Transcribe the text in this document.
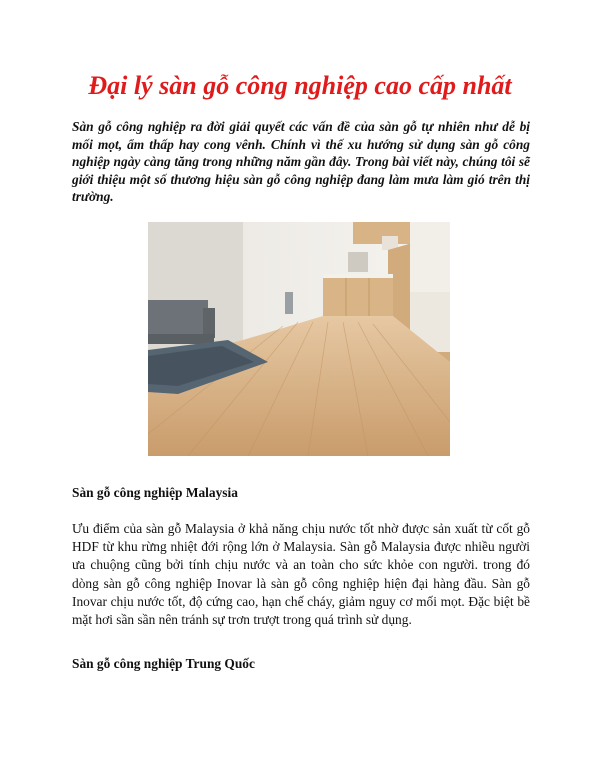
Đại lý sàn gỗ công nghiệp cao cấp nhất

Sàn gỗ công nghiệp ra đời giải quyết các vấn đề của sàn gỗ tự nhiên như dễ bị mối mọt, ẩm thấp hay cong vênh. Chính vì thế xu hướng sử dụng sàn gỗ công nghiệp ngày càng tăng trong những năm gần đây. Trong bài viết này, chúng tôi sẽ giới thiệu một số thương hiệu sàn gỗ công nghiệp đang làm mưa làm gió trên thị trường.

Sàn gỗ công nghiệp Malaysia

Ưu điểm của sàn gỗ Malaysia ở khả năng chịu nước tốt nhờ được sản xuất từ cốt gỗ HDF từ khu rừng nhiệt đới rộng lớn ở Malaysia. Sàn gỗ Malaysia được nhiều người ưa chuộng cũng bởi tính chịu nước và an toàn cho sức khỏe con người. trong đó dòng sàn gỗ công nghiệp Inovar là sàn gỗ công nghiệp hiện đại hàng đầu. Sàn gỗ Inovar chịu nước tốt, độ cứng cao, hạn chế cháy, giảm nguy cơ mối mọt. Đặc biệt bề mặt hơi sần sần nên tránh sự trơn trượt trong quá trình sử dụng.

Sàn gỗ công nghiệp Trung Quốc
